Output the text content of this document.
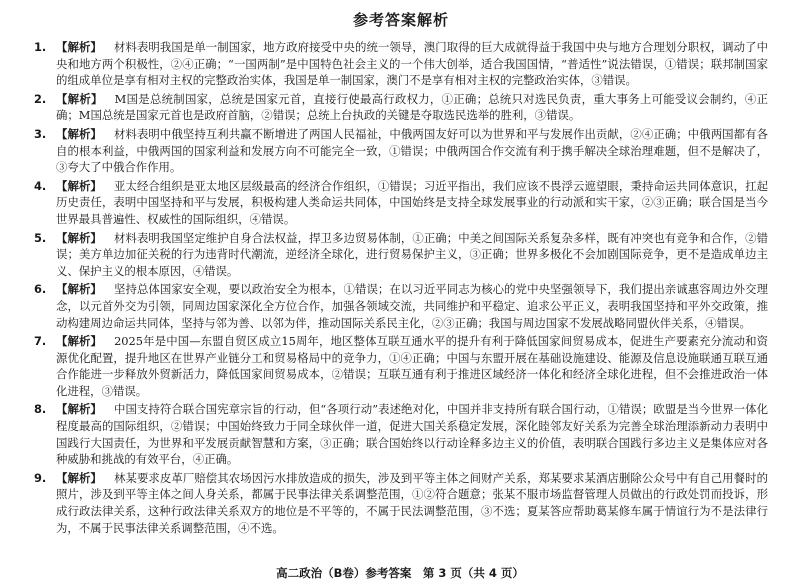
参考答案解析
1. 【解析】 材料表明我国是单一制国家，地方政府接受中央的统一领导，澳门取得的巨大成就得益于我国中央与地方合理划分职权，调动了中央和地方两个积极性，②④正确；“一国两制”是中国特色社会主义的一个伟大创举，适合我国国情，“普适性”说法错误，①错误；联邦制国家的组成单位是享有相对主权的完整政治实体，我国是单一制国家，澳门不是享有相对主权的完整政治实体，③错误。
2. 【解析】 M国是总统制国家，总统是国家元首，直接行使最高行政权力，①正确；总统只对选民负责，重大事务上可能受议会制约，④正确；M国总统是国家元首也是政府首脑，②错误；总统上台执政的关键是夺取选民选举的胜利，③错误。
3. 【解析】 材料表明中俄坚持互利共赢不断增进了两国人民福祉，中俄两国友好可以为世界和平与发展作出贡献，②④正确；中俄两国都有各自的根本利益，中俄两国的国家利益和发展方向不可能完全一致，①错误；中俄两国合作交流有利于携手解决全球治理难题，但不是解决了，③夸大了中俄合作作用。
4. 【解析】 亚太经合组织是亚太地区层级最高的经济合作组织，①错误；习近平指出，我们应该不畏浮云遮望眼，秉持命运共同体意识，扛起历史责任，表明中国坚持和平与发展，积极构建人类命运共同体，中国始终是支持全球发展事业的行动派和实干家，②③正确；联合国是当今世界最具普遍性、权威性的国际组织，④错误。
5. 【解析】 材料表明我国坚定维护自身合法权益，捍卫多边贸易体制，①正确；中美之间国际关系复杂多样，既有冲突也有竞争和合作，②错误；美方单边加征关税的行为违背时代潮流，逆经济全球化，进行贸易保护主义，③正确；世界多极化不会加剧国际竞争，更不是造成单边主义、保护主义的根本原因，④错误。
6. 【解析】 坚持总体国家安全观，要以政治安全为根本，①错误；在以习近平同志为核心的党中央坚强领导下，我们提出亲诚惠容周边外交理念，以元首外交为引领，同周边国家深化全方位合作，加强各领域交流，共同维护和平稳定、追求公平正义，表明我国坚持和平外交政策，推动构建周边命运共同体，坚持与邻为善、以邻为伴，推动国际关系民主化，②③正确；我国与周边国家不发展战略同盟伙伴关系，④错误。
7. 【解析】 2025年是中国—东盟自贸区成立15周年，地区整体互联互通水平的提升有利于降低国家间贸易成本，促进生产要素充分流动和资源优化配置，提升地区在世界产业链分工和贸易格局中的竞争力，①④正确；中国与东盟开展在基础设施建设、能源及信息设施联通互联互通合作能进一步释放外贸新活力，降低国家间贸易成本，②错误；互联互通有利于推进区域经济一体化和经济全球化进程，但不会推进政治一体化进程，③错误。
8. 【解析】 中国支持符合联合国宪章宗旨的行动，但“各项行动”表述绝对化，中国并非支持所有联合国行动，①错误；欧盟是当今世界一体化程度最高的国际组织，②错误；中国始终致力于同全球伙伴一道，促进大国关系稳定发展，深化睦邻友好关系为完善全球治理添新动力表明中国践行大国责任，为世界和平发展贡献智慧和方案，③正确；联合国始终以行动诠释多边主义的价值，表明联合国践行多边主义是集体应对各种威胁和挑战的有效平台，④正确。
9. 【解析】 林某要求皮革厂赔偿其农场因污水排放造成的损失，涉及到平等主体之间财产关系，郑某要求某酒店删除公众号中有自己用餐时的照片，涉及到平等主体之间人身关系，都属于民事法律关系调整范围，①②符合题意；张某不服市场监督管理人员做出的行政处罚而投诉，形成行政法律关系，这种行政法律关系双方的地位是不平等的，不属于民法调整范围，③不选；夏某答应帮助葛某修车属于情谊行为不是法律行为，不属于民事法律关系调整范围，④不选。
高二政治（B卷）参考答案　第 3 页（共 4 页）
